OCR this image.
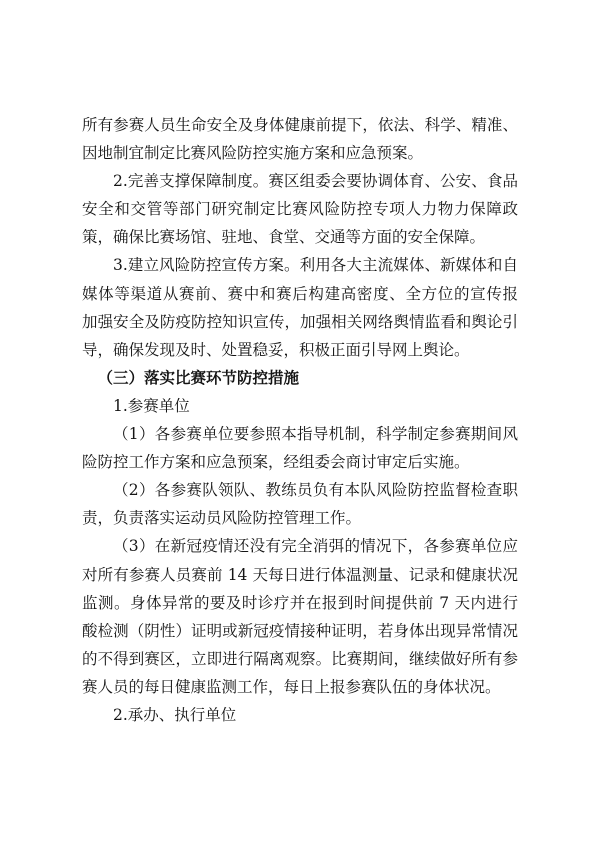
所有参赛人员生命安全及身体健康前提下，依法、科学、精准、
因地制宜制定比赛风险防控实施方案和应急预案。
2.完善支撑保障制度。赛区组委会要协调体育、公安、食品
安全和交管等部门研究制定比赛风险防控专项人力物力保障政
策，确保比赛场馆、驻地、食堂、交通等方面的安全保障。
3.建立风险防控宣传方案。利用各大主流媒体、新媒体和自
媒体等渠道从赛前、赛中和赛后构建高密度、全方位的宣传报
加强安全及防疫防控知识宣传，加强相关网络舆情监看和舆论引
导，确保发现及时、处置稳妥，积极正面引导网上舆论。
（三）落实比赛环节防控措施
1.参赛单位
（1）各参赛单位要参照本指导机制，科学制定参赛期间风
险防控工作方案和应急预案，经组委会商讨审定后实施。
（2）各参赛队领队、教练员负有本队风险防控监督检查职
责，负责落实运动员风险防控管理工作。
（3）在新冠疫情还没有完全消弭的情况下，各参赛单位应
对所有参赛人员赛前 14 天每日进行体温测量、记录和健康状况
监测。身体异常的要及时诊疗并在报到时间提供前 7 天内进行
酸检测（阴性）证明或新冠疫情接种证明，若身体出现异常情况
的不得到赛区，立即进行隔离观察。比赛期间，继续做好所有参
赛人员的每日健康监测工作，每日上报参赛队伍的身体状况。
2.承办、执行单位
